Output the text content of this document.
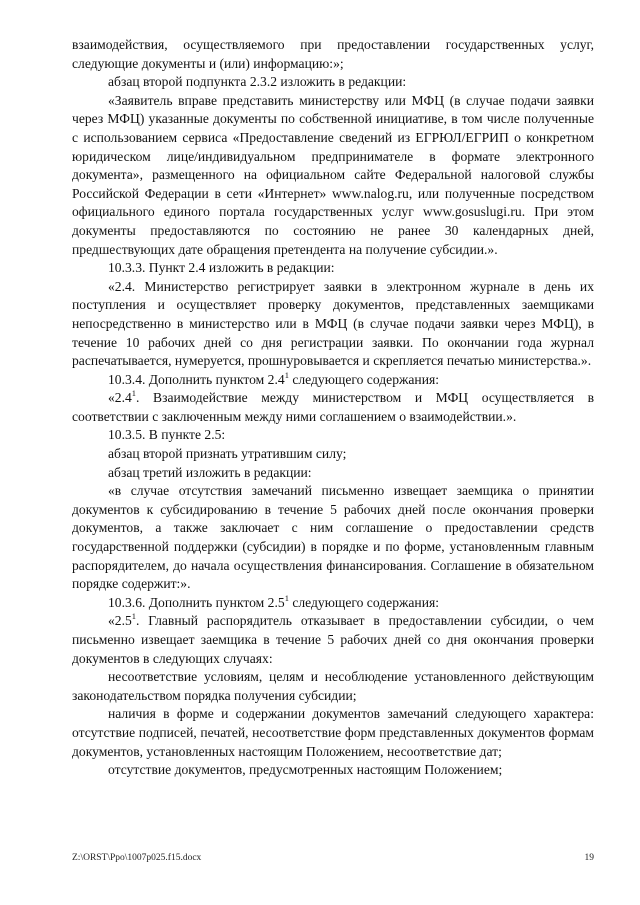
взаимодействия, осуществляемого при предоставлении государственных услуг, следующие документы и (или) информацию:»;

абзац второй подпункта 2.3.2 изложить в редакции:

«Заявитель вправе представить министерству или МФЦ (в случае подачи заявки через МФЦ) указанные документы по собственной инициативе, в том числе полученные с использованием сервиса «Предоставление сведений из ЕГРЮЛ/ЕГРИП о конкретном юридическом лице/индивидуальном предпринимателе в формате электронного документа», размещенного на официальном сайте Федеральной налоговой службы Российской Федерации в сети «Интернет» www.nalog.ru, или полученные посредством официального единого портала государственных услуг www.gosuslugi.ru. При этом документы предоставляются по состоянию не ранее 30 календарных дней, предшествующих дате обращения претендента на получение субсидии.».

10.3.3. Пункт 2.4 изложить в редакции:

«2.4. Министерство регистрирует заявки в электронном журнале в день их поступления и осуществляет проверку документов, представленных заемщиками непосредственно в министерство или в МФЦ (в случае подачи заявки через МФЦ), в течение 10 рабочих дней со дня регистрации заявки. По окончании года журнал распечатывается, нумеруется, прошнуровывается и скрепляется печатью министерства.».

10.3.4. Дополнить пунктом $2.4^1$ следующего содержания:

«$2.4^1$. Взаимодействие между министерством и МФЦ осуществляется в соответствии с заключенным между ними соглашением о взаимодействии.».

10.3.5. В пункте 2.5:

абзац второй признать утратившим силу;

абзац третий изложить в редакции:

«в случае отсутствия замечаний письменно извещает заемщика о принятии документов к субсидированию в течение 5 рабочих дней после окончания проверки документов, а также заключает с ним соглашение о предоставлении средств государственной поддержки (субсидии) в порядке и по форме, установленным главным распорядителем, до начала осуществления финансирования. Соглашение в обязательном порядке содержит:».

10.3.6. Дополнить пунктом $2.5^1$ следующего содержания:

«$2.5^1$. Главный распорядитель отказывает в предоставлении субсидии, о чем письменно извещает заемщика в течение 5 рабочих дней со дня окончания проверки документов в следующих случаях:

несоответствие условиям, целям и несоблюдение установленного действующим законодательством порядка получения субсидии;

наличия в форме и содержании документов замечаний следующего характера: отсутствие подписей, печатей, несоответствие форм представленных документов формам документов, установленных настоящим Положением, несоответствие дат;

отсутствие документов, предусмотренных настоящим Положением;

Z:\ORST\Ppo\1007p025.f15.docx	19
